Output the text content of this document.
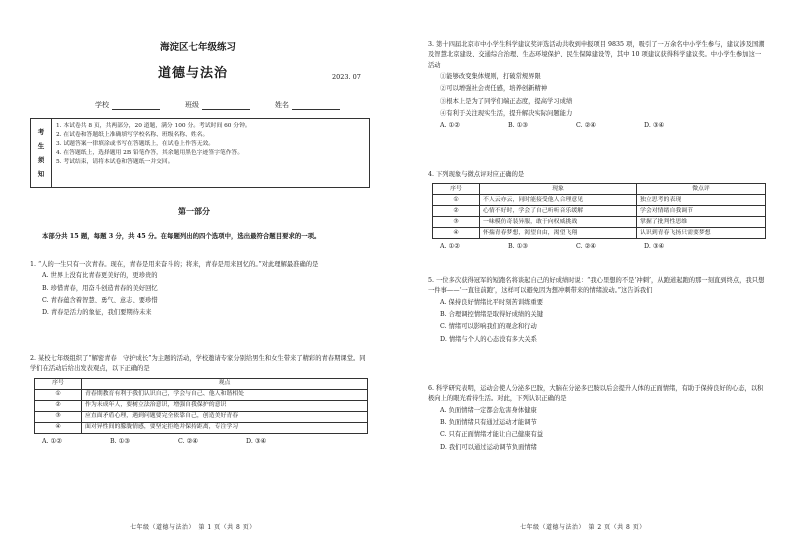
海淀区七年级练习
道德与法治	2023. 07
学校	班级	姓名
考
生
须
知
1. 本试卷共 8 页，共两部分，20 道题，满分 100 分。考试时间 60 分钟。
2. 在试卷和答题纸上准确填写学校名称、班级名称、姓名。
3. 试题答案一律填涂或书写在答题纸上，在试卷上作答无效。
4. 在答题纸上，选择题用 2B 铅笔作答，其余题用黑色字迹签字笔作答。
5. 考试结束，请将本试卷和答题纸一并交回。
第一部分
本部分共 15 题，每题 3 分，共 45 分。在每题列出的四个选项中，选出最符合题目要求的一项。
1. “人的一生只有一次青春。现在，青春是用来奋斗的；将来，青春是用来回忆的。”对此理解最准确的是
A. 世界上没有比青春更美好的，更珍贵的
B. 珍惜青春，用奋斗创造青春的美好回忆
C. 青春蕴含着智慧、勇气、意志、要珍惜
D. 青春是活力的象征，我们要期待未来
2. 某校七年级组织了“解密青春　守护成长”为主题的活动，学校邀请专家分别给男生和女生带来了精彩的青春期课堂。同学们在活动后给出发表观点，以下正确的是
序号	观点
①	青春期教育有利于我们认识自己，学会与自己、他人和谐相处
②	作为未成年人，要树立法治意识，增强自我保护的意识
③	应直面矛盾心理，遇到问题要完全依靠自己，创造美好青春
④	面对异性间的朦胧情感，要坚定拒绝并保持距离，专注学习
A. ①②	B. ①③	C. ②④	D. ③④
七年级（道德与法治）　第 1 页（共 8 页）
3. 第十四届北京市中小学生科学建议奖评选活动共收到申报项目 9835 项，吸引了一万余名中小学生参与，建议涉及国潮及智慧北京建设、交通综合治理、生态环境保护、民生保障建设等，其中 10 项建议获得科学建议奖。中小学生参加这一活动
①能够改变集体规则，打破常规界限
②可以增强社会责任感，培养创新精神
③根本上是为了同学们端正态度，提高学习成绩
④有利于关注现实生活，提升解决实际问题能力
A. ①②	B. ①③	C. ②④	D. ③④
4. 下列现象与微点评对应正确的是
序号	现象	微点评
①	不人云亦云，同时能接受他人合理意见	独立思考的表现
②	心情不好时，学会了自己听听音乐缓解	学会对情绪自我调节
③	一味模仿奇装异服，敢于向权威挑战	掌握了批判性思维
④	怀揣青春梦想，渴望自由，渴望飞翔	认识到青春飞扬只需要梦想
A. ①②	B. ①③	C. ②④	D. ③④
5. 一位多次获得冠军的短跑名将谈起自己的好成绩时说：“我心里想的不是‘冲刺’，从跑道起跑的那一刻直到终点，我只想一件事——‘一直往前跑’，这样可以避免因为想冲刺带来的情绪波动。”这告诉我们
A. 保持良好情绪比平时刻苦训练重要
B. 合理调控情绪是取得好成绩的关键
C. 情绪可以影响我们的观念和行动
D. 情绪与个人的心态没有多大关系
6. 科学研究表明，运动会使人分泌多巴胺，大脑在分泌多巴胺以后会提升人体的正面情绪，有助于保持良好的心态，以积极向上的眼光看待生活。对此，下列认识正确的是
A. 负面情绪一定都会危害身体健康
B. 负面情绪只有通过运动才能调节
C. 只有正面情绪才能让自己健康有益
D. 我们可以通过运动调节负面情绪
七年级（道德与法治）　第 2 页（共 8 页）
